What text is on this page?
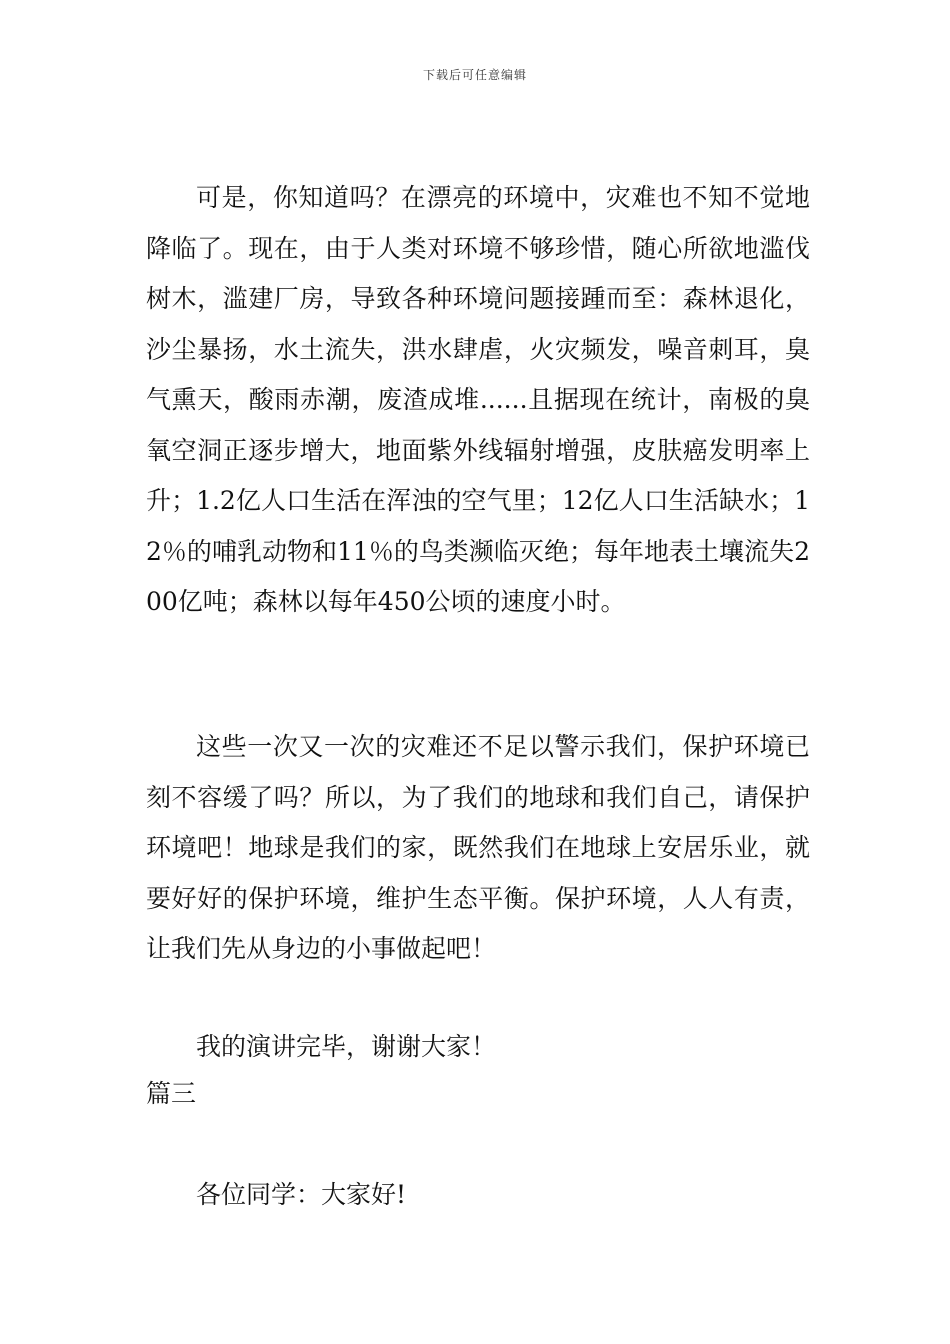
下载后可任意编辑

可是，你知道吗？在漂亮的环境中，灾难也不知不觉地降临了。现在，由于人类对环境不够珍惜，随心所欲地滥伐树木，滥建厂房，导致各种环境问题接踵而至：森林退化，沙尘暴扬，水土流失，洪水肆虐，火灾频发，噪音刺耳，臭气熏天，酸雨赤潮，废渣成堆......且据现在统计，南极的臭氧空洞正逐步增大，地面紫外线辐射增强，皮肤癌发明率上升；1.2亿人口生活在浑浊的空气里；12亿人口生活缺水；12％的哺乳动物和11％的鸟类濒临灭绝；每年地表土壤流失200亿吨；森林以每年450公顷的速度小时。

这些一次又一次的灾难还不足以警示我们，保护环境已刻不容缓了吗？所以，为了我们的地球和我们自己，请保护环境吧！地球是我们的家，既然我们在地球上安居乐业，就要好好的保护环境，维护生态平衡。保护环境，人人有责，让我们先从身边的小事做起吧！

我的演讲完毕，谢谢大家！

篇三

各位同学：大家好!
